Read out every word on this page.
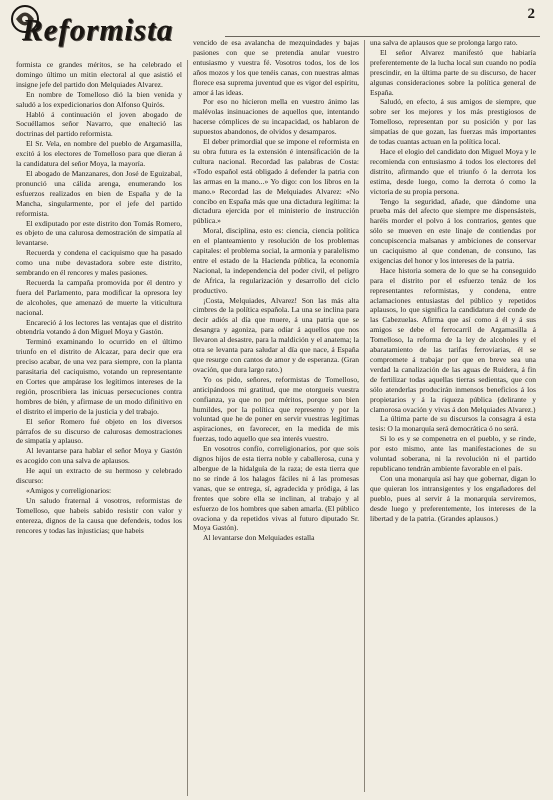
Reformista	2

formista ce grandes méritos, se ha celebrado el domingo último un mitin electoral al que asistió el insigne jefe del partido don Melquiades Alvarez.

En nombre de Tomelloso dió la bien venida y saludó a los expedicionarios don Alfonso Quirós.

Habló á continuación el joven abogado de Socuéllamos señor Navarro, que enalteció las doctrinas del partido reformista.

El Sr. Vela, en nombre del pueblo de Argamasilla, excitó á los electores de Tomelloso para que dieran á la candidatura del señor Moya, la mayoría.

El abogado de Manzanares, don José de Eguizabal, pronunció una cálida arenga, enumerando los esfuerzos realizados en bien de España y de la Mancha, singularmente, por el jefe del partido reformista.

El exdiputado por este distrito don Tomás Romero, es objeto de una calurosa demostración de simpatía al levantarse.

Recuerda y condena el caciquismo que ha pasado como una nube devastadora sobre este distrito, sembrando en él rencores y males pasiones.

Recuerda la campaña promovida por él dentro y fuera del Parlamento, para modificar la opresora ley de alcoholes, que amenazó de muerte la viticultura nacional.

Encareció á los lectores las ventajas que el distrito obtendría votando á don Miguel Moya y Gastón.

Terminó examinando lo ocurrido en el último triunfo en el distrito de Alcazar, para decir que era preciso acabar, de una vez para siempre, con la planta parasitaria del caciquismo, votando un representante en Cortes que ampárase los legítimos intereses de la región, proscribiera las inicuas persecuciones contra hombres de bién, y afirmase de un modo difinitivo en el distrito el imperio de la justicia y del trabajo.

El señor Romero fué objeto en los diversos párrafos de su discurso de calurosas demostraciones de simpatía y aplauso.

Al levantarse para hablar el señor Moya y Gastón es acogido con una salva de aplausos.

He aquí un extracto de su hermoso y celebrado discurso:

«Amigos y correligionarios:

Un saludo fraternal á vosotros, reformistas de Tomelloso, que habeis sabido resistir con valor y entereza, dignos de la causa que defendeis, todos los rencores y todas las injusticias; que habeis

vencido de esa avalancha de mezquindades y bajas pasiones con que se pretendía anular vuestro entusiasmo y vuestra fé. Vosotros todos, los de los años mozos y los que tenéis canas, con nuestras almas florece esa suprema juventud que es vigor del espíritu, amor á las ideas.

Por eso no hicieron mella en vuestro ánimo las malévolas insinuaciones de aquellos que, intentando hacerse cómplices de su incapacidad, os hablaron de supuestos abandonos, de olvidos y desamparos.

El deber primordial que se impone el reformista en su obra futura es la extensión é intensificación de la cultura nacional. Recordad las palabras de Costa: «Todo español está obligado á defender la patria con las armas en la mano...» Yo digo: con los libros en la mano.» Recordad las de Melquiades Alvarez: «No concibo en España más que una dictadura legítima: la dictadura ejercida por el ministerio de instrucción pública.»

Moral, disciplina, esto es: ciencia, ciencia política en el planteamiento y resolución de los problemas capitales: el problema social, la armonía y paralelismo entre el estado de la Hacienda pública, la economía Nacional, la independencia del poder civil, el peligro de Africa, la regularización y desarrollo del ciclo productivo.

¡Costa, Melquiades, Alvarez! Son las más alta cimbres de la política española. La una se inclina para decir adiós al día que muere, á una patria que se desangra y agoniza, para odiar á aquellos que nos llevaron al desastre, para la maldición y el anatema; la otra se levanta para saludar al día que nace, á España que resurge con cantos de amor y de esperanza. (Gran ovación, que dura largo rato.)

Yo os pido, señores, reformistas de Tomelloso, anticipándoos mi gratitud, que me otorgueis vuestra confianza, ya que no por méritos, porque son bien humildes, por la política que represento y por la voluntad que he de poner en servir vuestras legítimas aspiraciones, en favorecer, en la medida de mis fuerzas, todo aquello que sea interés vuestro.

En vosotros confío, correligionarios, por que sois dignos hijos de esta tierra noble y caballerosa, cuna y albergue de la hidalguía de la raza; de esta tierra que no se rinde á los halagos fáciles ni á las promesas vanas, que se entrega, sí, agradecida y pródiga, á las frentes que sobre ella se inclinan, al trabajo y al esfuerzo de los hombres que saben amarla. (El público ovaciona y da repetidos vivas al futuro diputado Sr. Moya Gastón).

Al levantarse don Melquiades estalla

una salva de aplausos que se prolonga largo rato.

El señor Alvarez manifestó que habiaría preferentemente de la lucha local sun cuando no podía prescindir, en la última parte de su discurso, de hacer algunas consideraciones sobre la política general de España.

Saludó, en efecto, á sus amigos de siempre, que sobre ser los mejores y los más prestigiosos de Tomelloso, representan por su posición y por las simpatías de que gozan, las fuerzas más importantes de todas cuantas actuan en la política local.

Hace el elogio del candidato don Miguel Moya y le recomienda con entusiasmo á todos los electores del distrito, afirmando que el triunfo ó la derrota los estima, desde luego, como la derrota ó como la victoria de su propia persona.

Tengo la seguridad, añade, que dándome una prueba más del afecto que siempre me dispensásteis, haréis morder el polvo á los contrarios, gentes que sólo se mueven en este linaje de contiendas por concupiscencia malsanas y ambiciones de conservar un caciquismo al que condenan, de consuno, las exigencias del honor y los intereses de la patria.

Hace historia somera de lo que se ha conseguido para el distrito por el esfuerzo tenáz de los representantes reformistas, y condena, entre aclamaciones entusiastas del público y repetidos aplausos, lo que significa la candidatura del conde de las Cabezuelas. Afirma que así como á él y á sus amigos se debe el ferrocarril de Argamasilla á Tomelloso, la reforma de la ley de alcoholes y el abaratamiento de las tarifas ferroviarias, él se compromete á trabajar por que en breve sea una verdad la canalización de las aguas de Ruidera, á fin de fertilizar todas aquellas tierras sedientas, que con sólo atenderlas producirán inmensos beneficios á los propietarios y á la riqueza pública (delirante y clamorosa ovación y vivas á don Melquiades Alvarez.)

La última parte de su discursos la consagra á esta tesis: O la monarquía será democrática ó no será.

Si lo es y se compenetra en el pueblo, y se rinde, por esto mismo, ante las manifestaciones de su voluntad soberana, ni la revolución ni el partido republicano tendrán ambiente favorable en el país.

Con una monarquía así hay que gobernar, digan lo que quieran los intransigentes y los engañadores del pueblo, pues al servir á la monarquía serviremos, desde luego y preferentemente, los intereses de la libertad y de la patria. (Grandes aplausos.)
